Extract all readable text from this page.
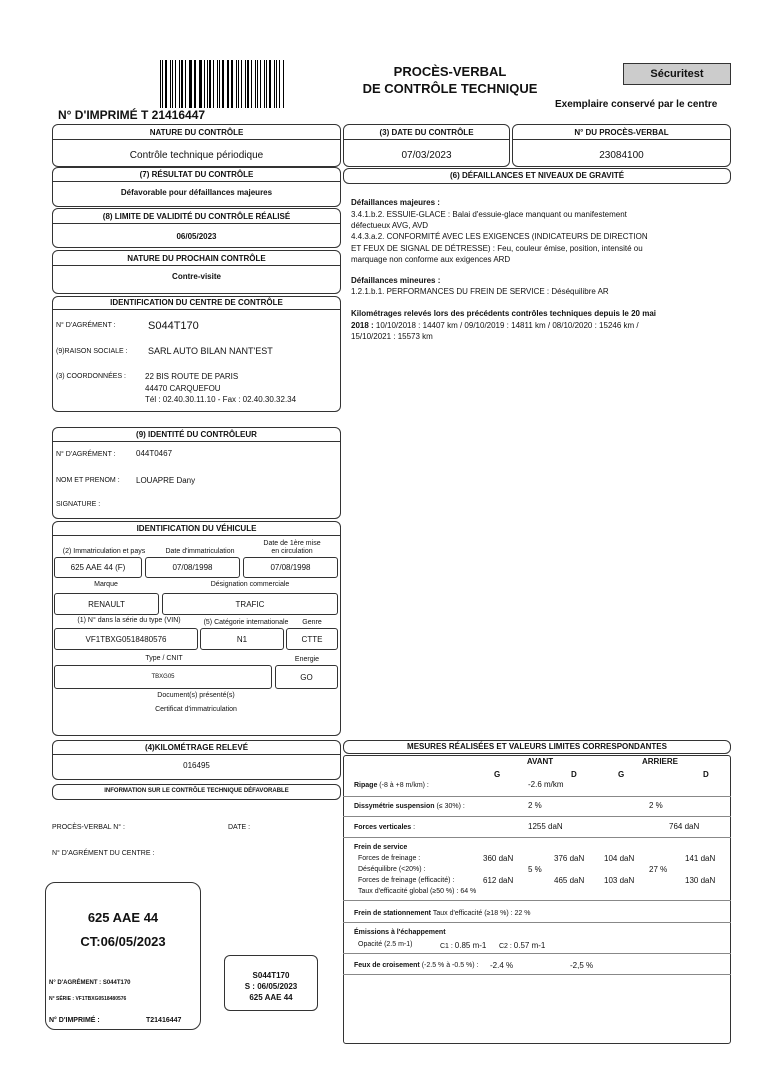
PROCÈS-VERBAL
DE CONTRÔLE TECHNIQUE
Sécuritest
Exemplaire conservé par le centre
N° D'IMPRIMÉ T 21416447
NATURE DU CONTRÔLE
Contrôle technique périodique
(3) DATE DU CONTRÔLE
07/03/2023
N° DU PROCÈS-VERBAL
23084100
(7) RÉSULTAT DU CONTRÔLE
Défavorable pour défaillances majeures
(8) LIMITE DE VALIDITÉ DU CONTRÔLE RÉALISÉ
06/05/2023
NATURE DU PROCHAIN CONTRÔLE
Contre-visite
(6) DÉFAILLANCES ET NIVEAUX DE GRAVITÉ
Défaillances majeures :
3.4.1.b.2. ESSUIE-GLACE : Balai d'essuie-glace manquant ou manifestement
défectueux AVG, AVD
4.4.3.a.2. CONFORMITÉ AVEC LES EXIGENCES (INDICATEURS DE DIRECTION
ET FEUX DE SIGNAL DE DÉTRESSE) : Feu, couleur émise, position, intensité ou
marquage non conforme aux exigences ARD
Défaillances mineures :
1.2.1.b.1. PERFORMANCES DU FREIN DE SERVICE : Déséquilibre AR
Kilométrages relevés lors des précédents contrôles techniques depuis le 20 mai
2018 : 10/10/2018 : 14407 km / 09/10/2019 : 14811 km / 08/10/2020 : 15246 km /
15/10/2021 : 15573 km
IDENTIFICATION DU CENTRE DE CONTRÔLE
N° D'AGRÉMENT :	S044T170
(9)RAISON SOCIALE : SARL AUTO BILAN NANT'EST
(3) COORDONNÉES : 22 BIS ROUTE DE PARIS
44470 CARQUEFOU
Tél : 02.40.30.11.10 - Fax : 02.40.30.32.34
(9) IDENTITÉ DU CONTRÔLEUR
N° D'AGRÉMENT :	044T0467
NOM ET PRENOM : LOUAPRE Dany
SIGNATURE :
IDENTIFICATION DU VÉHICULE
(2) Immatriculation et pays	Date d'immatriculation
Date de 1ère mise
en circulation
625 AAE 44 (F)	07/08/1998	07/08/1998
Marque	Désignation commerciale
RENAULT	TRAFIC
(1) N° dans la série du type (VIN)	(5) Catégorie internationale	Genre
VF1TBXG0518480576	N1	CTTE
Type / CNIT	Energie
TBXG05	GO
Document(s) présenté(s)
Certificat d'immatriculation
(4)KILOMÉTRAGE RELEVÉ
016495
INFORMATION SUR LE CONTRÔLE TECHNIQUE DÉFAVORABLE
PROCÈS-VERBAL N° :	DATE :
N° D'AGRÉMENT DU CENTRE :
625 AAE 44
CT:06/05/2023
N° D'AGRÉMENT : S044T170
N° SÉRIE : VF1TBXG0518480576
N° D'IMPRIMÉ :	T21416447
S044T170
S : 06/05/2023
625 AAE 44
MESURES RÉALISÉES ET VALEURS LIMITES CORRESPONDANTES
AVANT	ARRIERE
G	D	G	D
Ripage (-8 à +8 m/km) :	-2.6 m/km
Dissymétrie suspension (≤ 30%) :	2 %	2 %
Forces verticales :	1255 daN	764 daN
Frein de service
Forces de freinage :	360 daN	376 daN 104 daN	141 daN
Déséquilibre (<20%) :	5 %	27 %
Forces de freinage (efficacité) :	612 daN	465 daN 103 daN	130 daN
Taux d'efficacité global (≥50 %) : 64 %
Frein de stationnement Taux d'efficacité (≥18 %) : 22 %
Émissions à l'échappement
Opacité (2.5 m-1)	C1 : 0.85 m-1 C2 : 0.57 m-1
Feux de croisement (-2.5 % à -0.5 %) : -2.4 %	-2,5 %
